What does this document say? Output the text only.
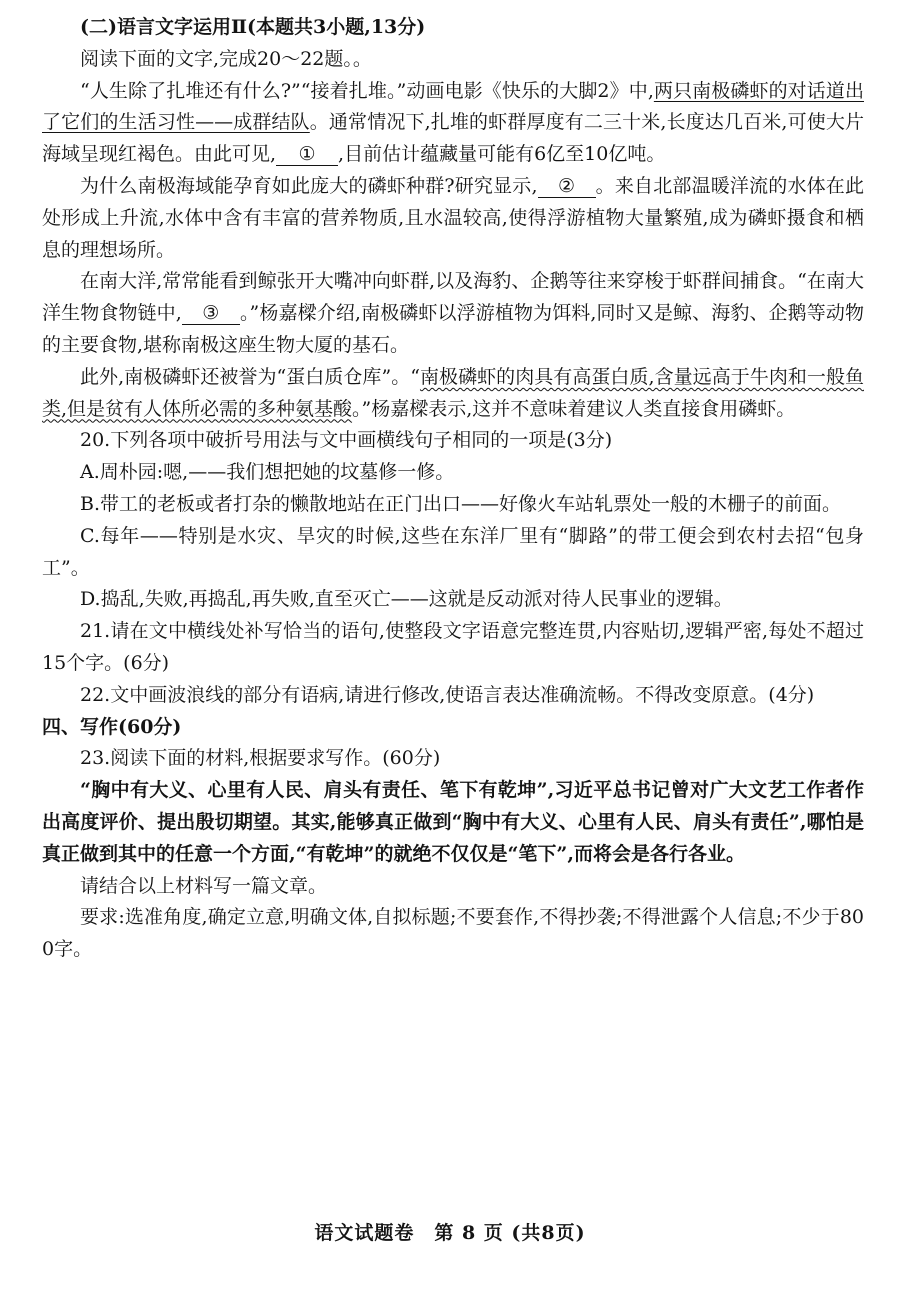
(二)语言文字运用Ⅱ(本题共3小题,13分)

阅读下面的文字,完成20～22题。。

“人生除了扎堆还有什么?”“接着扎堆。”动画电影《快乐的大脚2》中,两只南极磷虾的对话道出了它们的生活习性——成群结队。通常情况下,扎堆的虾群厚度有二三十米,长度达几百米,可使大片海域呈现红褐色。由此可见, ① ,目前估计蕴藏量可能有6亿至10亿吨。

为什么南极海域能孕育如此庞大的磷虾种群?研究显示, ② 。来自北部温暖洋流的水体在此处形成上升流,水体中含有丰富的营养物质,且水温较高,使得浮游植物大量繁殖,成为磷虾摄食和栖息的理想场所。

在南大洋,常常能看到鲸张开大嘴冲向虾群,以及海豹、企鹅等往来穿梭于虾群间捕食。“在南大洋生物食物链中, ③ 。”杨嘉樑介绍,南极磷虾以浮游植物为饵料,同时又是鲸、海豹、企鹅等动物的主要食物,堪称南极这座生物大厦的基石。

此外,南极磷虾还被誉为“蛋白质仓库”。“南极磷虾的肉具有高蛋白质,含量远高于牛肉和一般鱼类,但是贫有人体所必需的多种氨基酸。”杨嘉樑表示,这并不意味着建议人类直接食用磷虾。

20.下列各项中破折号用法与文中画横线句子相同的一项是(3分)

A.周朴园:嗯,——我们想把她的坟墓修一修。

B.带工的老板或者打杂的懒散地站在正门出口——好像火车站轧票处一般的木栅子的前面。

C.每年——特别是水灾、旱灾的时候,这些在东洋厂里有“脚路”的带工便会到农村去招“包身工”。

D.捣乱,失败,再捣乱,再失败,直至灭亡——这就是反动派对待人民事业的逻辑。

21.请在文中横线处补写恰当的语句,使整段文字语意完整连贯,内容贴切,逻辑严密,每处不超过15个字。(6分)

22.文中画波浪线的部分有语病,请进行修改,使语言表达准确流畅。不得改变原意。(4分)

四、写作(60分)

23.阅读下面的材料,根据要求写作。(60分)

“胸中有大义、心里有人民、肩头有责任、笔下有乾坤”,习近平总书记曾对广大文艺工作者作出高度评价、提出殷切期望。其实,能够真正做到“胸中有大义、心里有人民、肩头有责任”,哪怕是真正做到其中的任意一个方面,“有乾坤”的就绝不仅仅是“笔下”,而将会是各行各业。

请结合以上材料写一篇文章。

要求:选准角度,确定立意,明确文体,自拟标题;不要套作,不得抄袭;不得泄露个人信息;不少于800字。

语文试题卷　第 8 页 (共8页)
